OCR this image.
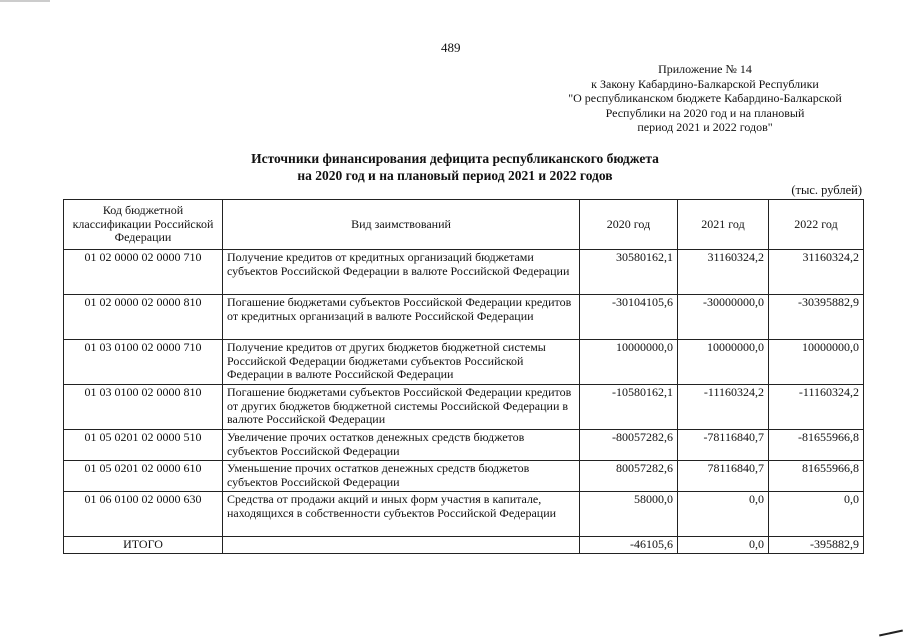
489
Приложение № 14
к Закону Кабардино-Балкарской Республики
"О республиканском бюджете Кабардино-Балкарской
Республики на 2020 год и на плановый
период 2021 и 2022 годов"
Источники финансирования дефицита республиканского бюджета
на 2020 год и на плановый период 2021 и 2022 годов
(тыс. рублей)
Код бюджетной классификации Российской Федерации	Вид заимствований	2020 год	2021 год	2022 год
01 02 0000 02 0000 710	Получение кредитов от кредитных организаций бюджетами субъектов Российской Федерации в валюте Российской Федерации	30580162,1	31160324,2	31160324,2
01 02 0000 02 0000 810	Погашение бюджетами субъектов Российской Федерации кредитов от кредитных организаций в валюте Российской Федерации	-30104105,6	-30000000,0	-30395882,9
01 03 0100 02 0000 710	Получение кредитов от других бюджетов бюджетной системы Российской Федерации бюджетами субъектов Российской Федерации в валюте Российской Федерации	10000000,0	10000000,0	10000000,0
01 03 0100 02 0000 810	Погашение бюджетами субъектов Российской Федерации кредитов от других бюджетов бюджетной системы Российской Федерации в валюте Российской Федерации	-10580162,1	-11160324,2	-11160324,2
01 05 0201 02 0000 510	Увеличение прочих остатков денежных средств бюджетов субъектов Российской Федерации	-80057282,6	-78116840,7	-81655966,8
01 05 0201 02 0000 610	Уменьшение прочих остатков денежных средств бюджетов субъектов Российской Федерации	80057282,6	78116840,7	81655966,8
01 06 0100 02 0000 630	Средства от продажи акций и иных форм участия в капитале, находящихся в собственности субъектов Российской Федерации	58000,0	0,0	0,0
ИТОГО		-46105,6	0,0	-395882,9
